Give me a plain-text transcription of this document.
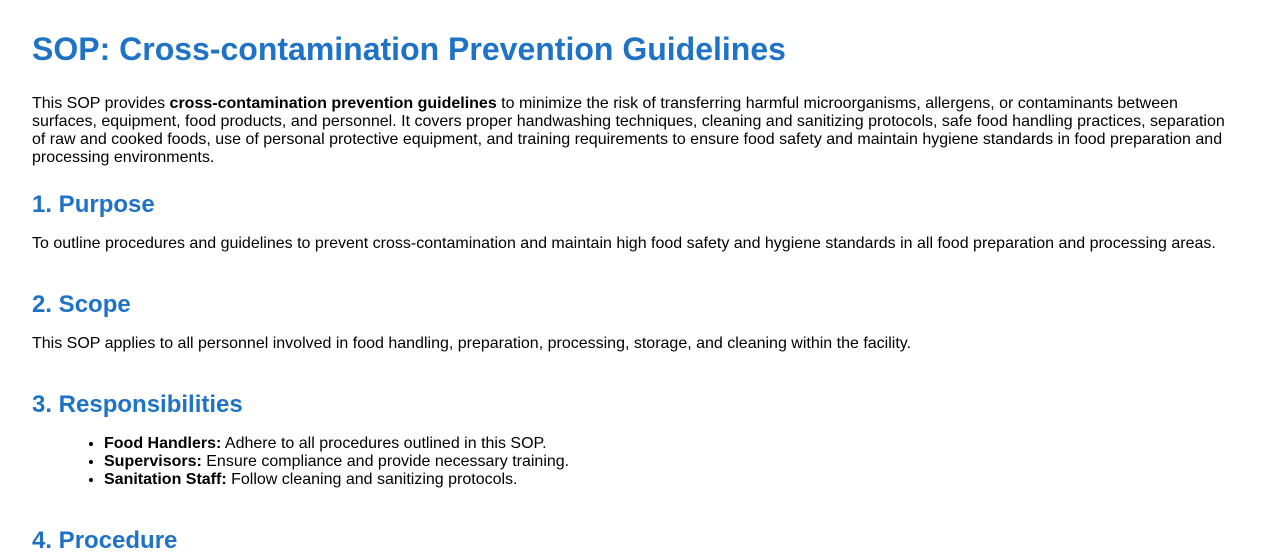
SOP: Cross-contamination Prevention Guidelines

This SOP provides cross-contamination prevention guidelines to minimize the risk of transferring harmful microorganisms, allergens, or contaminants between surfaces, equipment, food products, and personnel. It covers proper handwashing techniques, cleaning and sanitizing protocols, safe food handling practices, separation of raw and cooked foods, use of personal protective equipment, and training requirements to ensure food safety and maintain hygiene standards in food preparation and processing environments.

1. Purpose

To outline procedures and guidelines to prevent cross-contamination and maintain high food safety and hygiene standards in all food preparation and processing areas.

2. Scope

This SOP applies to all personnel involved in food handling, preparation, processing, storage, and cleaning within the facility.

3. Responsibilities
• Food Handlers: Adhere to all procedures outlined in this SOP.
• Supervisors: Ensure compliance and provide necessary training.
• Sanitation Staff: Follow cleaning and sanitizing protocols.
4. Procedure
